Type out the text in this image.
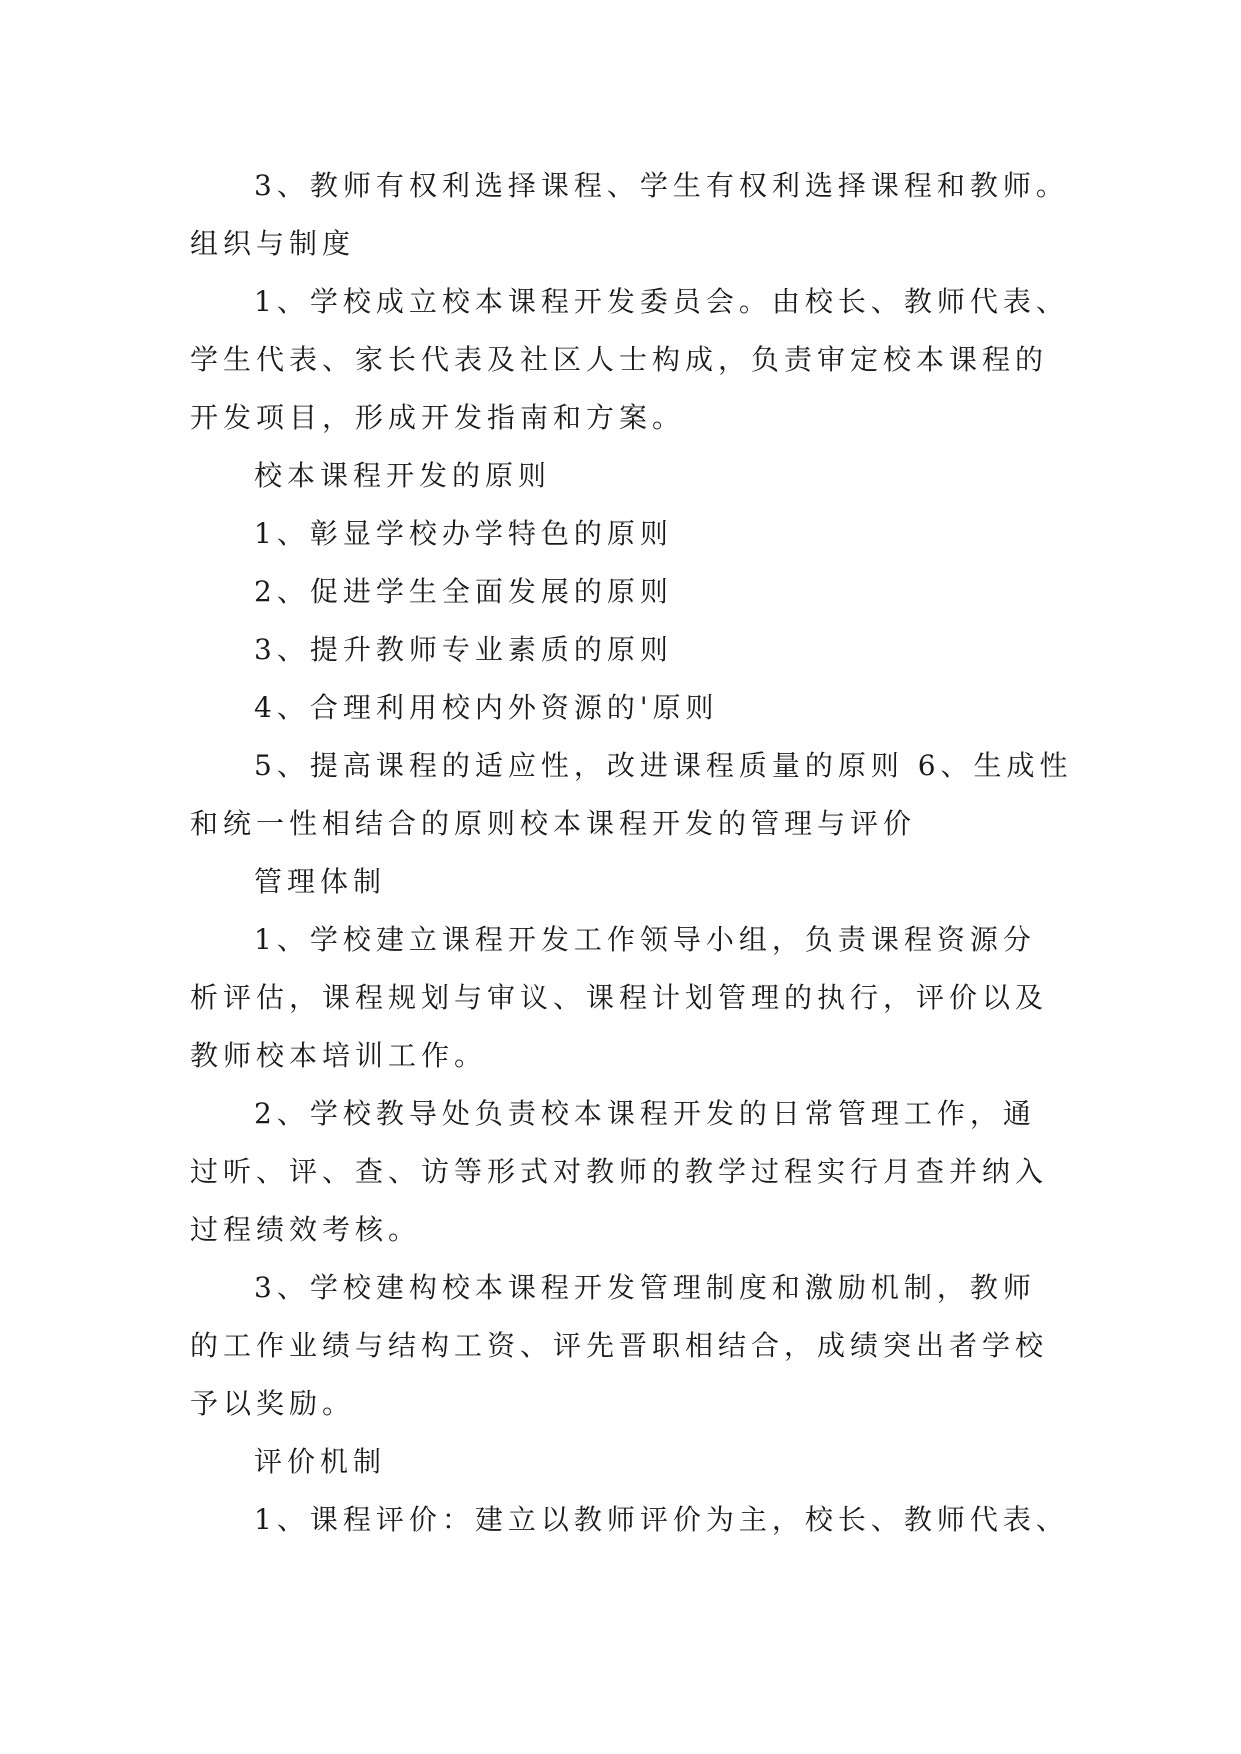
3、教师有权利选择课程、学生有权利选择课程和教师。
组织与制度
1、学校成立校本课程开发委员会。由校长、教师代表、
学生代表、家长代表及社区人士构成，负责审定校本课程的
开发项目，形成开发指南和方案。
校本课程开发的原则
1、彰显学校办学特色的原则
2、促进学生全面发展的原则
3、提升教师专业素质的原则
4、合理利用校内外资源的'原则
5、提高课程的适应性，改进课程质量的原则 6、生成性
和统一性相结合的原则校本课程开发的管理与评价
管理体制
1、学校建立课程开发工作领导小组，负责课程资源分
析评估，课程规划与审议、课程计划管理的执行，评价以及
教师校本培训工作。
2、学校教导处负责校本课程开发的日常管理工作，通
过听、评、查、访等形式对教师的教学过程实行月查并纳入
过程绩效考核。
3、学校建构校本课程开发管理制度和激励机制，教师
的工作业绩与结构工资、评先晋职相结合，成绩突出者学校
予以奖励。
评价机制
1、课程评价：建立以教师评价为主，校长、教师代表、
